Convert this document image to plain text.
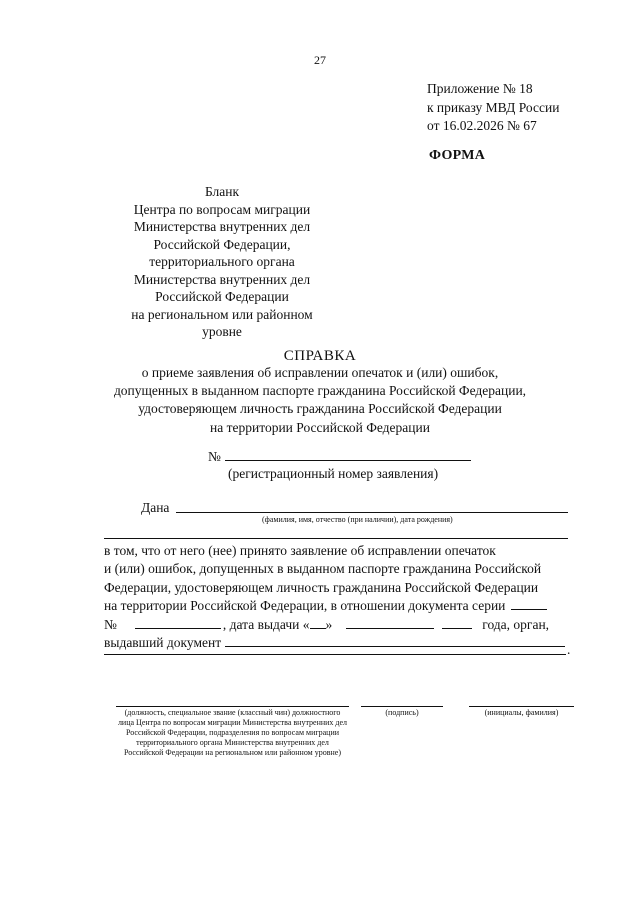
27
Приложение № 18
к приказу МВД России
от 16.02.2026 № 67
ФОРМА
Бланк
Центра по вопросам миграции
Министерства внутренних дел
Российской Федерации,
территориального органа
Министерства внутренних дел
Российской Федерации
на региональном или районном
уровне
СПРАВКА
о приеме заявления об исправлении опечаток и (или) ошибок,
допущенных в выданном паспорте гражданина Российской Федерации,
удостоверяющем личность гражданина Российской Федерации
на территории Российской Федерации
№
(регистрационный номер заявления)
Дана
(фамилия, имя, отчество (при наличии), дата рождения)
в том, что от него (нее) принято заявление об исправлении опечаток
и (или) ошибок, допущенных в выданном паспорте гражданина Российской
Федерации, удостоверяющем личность гражданина Российской Федерации
на территории Российской Федерации, в отношении документа серии
№	, дата выдачи « »	года, орган,
выдавший документ	.
(должность, специальное звание (классный чин) должностного лица Центра по вопросам миграции Министерства внутренних дел Российской Федерации, подразделения по вопросам миграции территориального органа Министерства внутренних дел Российской Федерации на региональном или районном уровне)
(подпись)	(инициалы, фамилия)
